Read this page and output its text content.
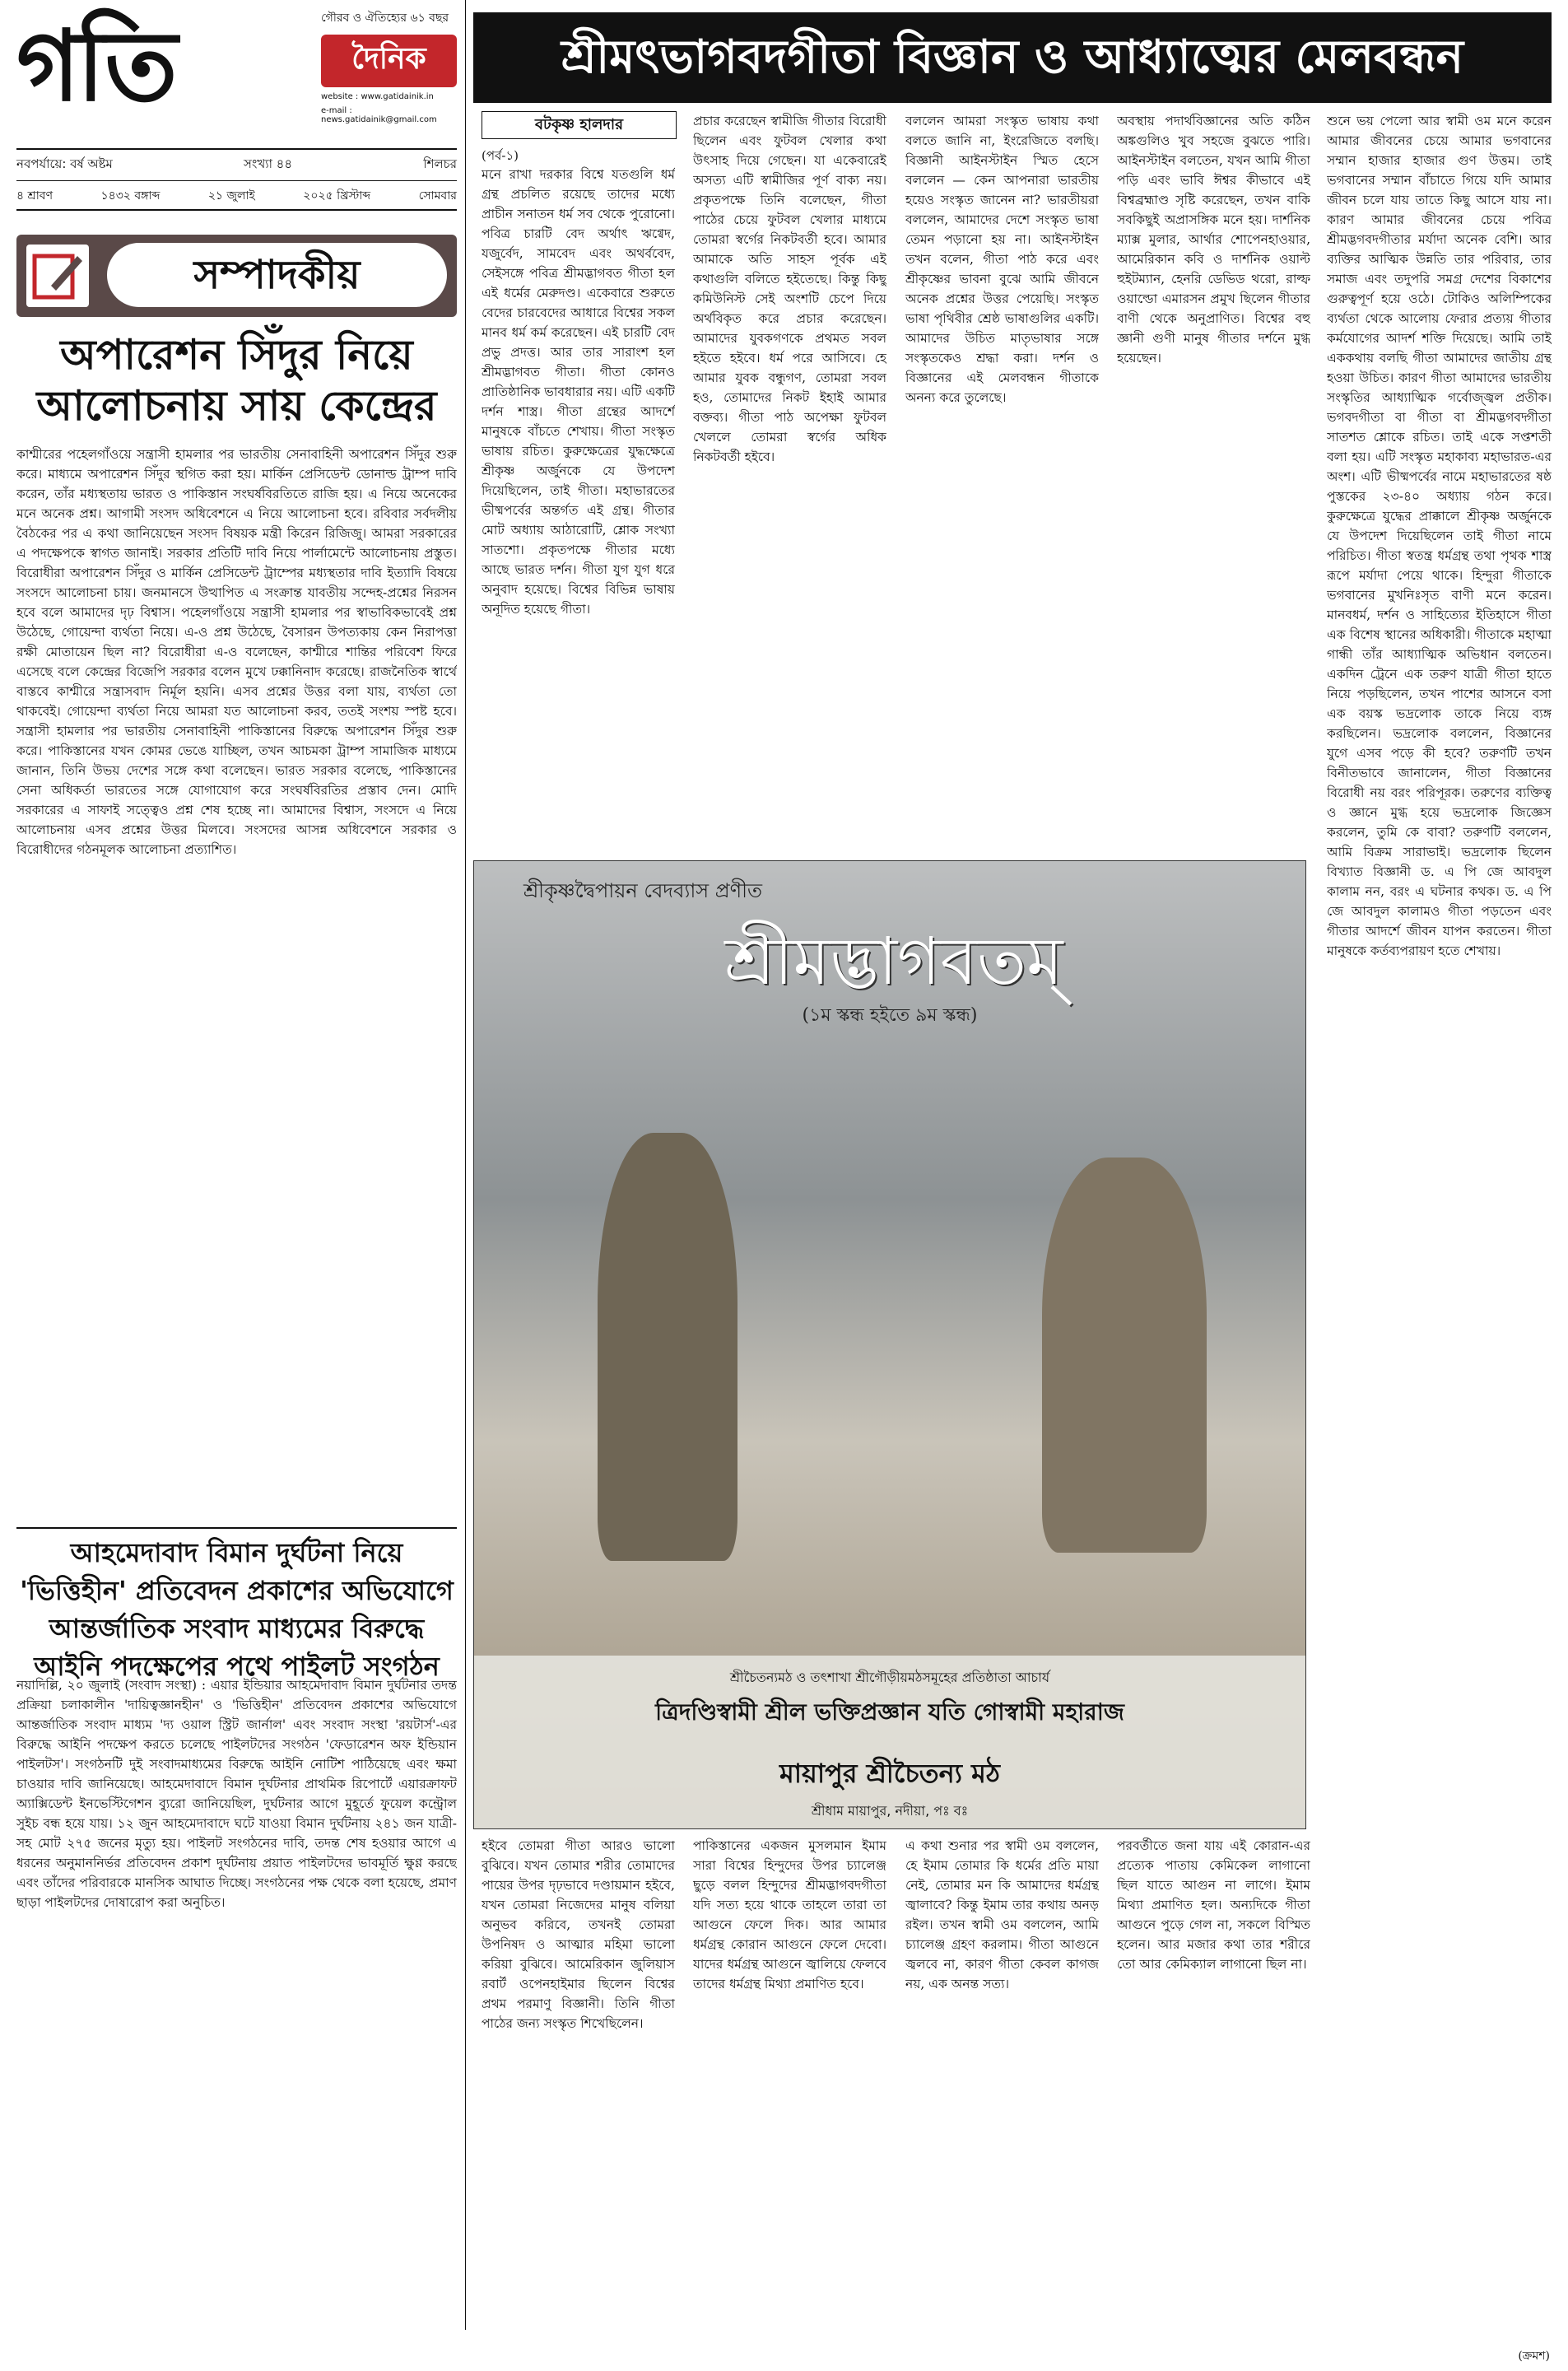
গতি	গৌরব ও ঐতিহ্যের ৬১ বছর
দৈনিক
website : www.gatidainik.in
e-mail : news.gatidainik@gmail.com
নবপর্যায়ে: বর্ষ অষ্টম	সংখ্যা ৪৪	শিলচর
৪ শ্রাবণ	১৪৩২ বঙ্গাব্দ	২১ জুলাই	২০২৫ খ্রিস্টাব্দ	সোমবার
সম্পাদকীয়
অপারেশন সিঁদুর নিয়ে আলোচনায় সায় কেন্দ্রের
কাশ্মীরের পহেলগাঁওয়ে সন্ত্রাসী হামলার পর ভারতীয় সেনাবাহিনী অপারেশন সিঁদুর শুরু করে। মাধ্যমে অপারেশন সিঁদুর স্থগিত করা হয়। মার্কিন প্রেসিডেন্ট ডোনাল্ড ট্রাম্প দাবি করেন, তাঁর মধ্যস্থতায় ভারত ও পাকিস্তান সংঘর্ষবিরতিতে রাজি হয়। এ নিয়ে অনেকের মনে অনেক প্রশ্ন। আগামী সংসদ অধিবেশনে এ নিয়ে আলোচনা হবে। রবিবার সর্বদলীয় বৈঠকের পর এ কথা জানিয়েছেন সংসদ বিষয়ক মন্ত্রী কিরেন রিজিজু। আমরা সরকারের এ পদক্ষেপকে স্বাগত জানাই। সরকার প্রতিটি দাবি নিয়ে পার্লামেন্টে আলোচনায় প্রস্তুত। বিরোধীরা অপারেশন সিঁদুর ও মার্কিন প্রেসিডেন্ট ট্রাম্পের মধ্যস্থতার দাবি ইত্যাদি বিষয়ে সংসদে আলোচনা চায়। জনমানসে উত্থাপিত এ সংক্রান্ত যাবতীয় সন্দেহ-প্রশ্নের নিরসন হবে বলে আমাদের দৃঢ় বিশ্বাস। পহেলগাঁওয়ে সন্ত্রাসী হামলার পর স্বাভাবিকভাবেই প্রশ্ন উঠেছে, গোয়েন্দা ব্যর্থতা নিয়ে। এ-ও প্রশ্ন উঠেছে, বৈসারন উপত্যকায় কেন নিরাপত্তা রক্ষী মোতায়েন ছিল না? বিরোধীরা এ-ও বলেছেন, কাশ্মীরে শান্তির পরিবেশ ফিরে এসেছে বলে কেন্দ্রের বিজেপি সরকার বলেন মুখে ঢক্কানিনাদ করেছে। রাজনৈতিক স্বার্থে বাস্তবে কাশ্মীরে সন্ত্রাসবাদ নির্মূল হয়নি। এসব প্রশ্নের উত্তর বলা যায়, ব্যর্থতা তো থাকবেই। গোয়েন্দা ব্যর্থতা নিয়ে আমরা যত আলোচনা করব, ততই সংশয় স্পষ্ট হবে। সন্ত্রাসী হামলার পর ভারতীয় সেনাবাহিনী পাকিস্তানের বিরুদ্ধে অপারেশন সিঁদুর শুরু করে। পাকিস্তানের যখন কোমর ভেঙে যাচ্ছিল, তখন আচমকা ট্রাম্প সামাজিক মাধ্যমে জানান, তিনি উভয় দেশের সঙ্গে কথা বলেছেন। ভারত সরকার বলেছে, পাকিস্তানের সেনা অধিকর্তা ভারতের সঙ্গে যোগাযোগ করে সংঘর্ষবিরতির প্রস্তাব দেন। মোদি সরকারের এ সাফাই সত্ত্বেও প্রশ্ন শেষ হচ্ছে না। আমাদের বিশ্বাস, সংসদে এ নিয়ে আলোচনায় এসব প্রশ্নের উত্তর মিলবে। সংসদের আসন্ন অধিবেশনে সরকার ও বিরোধীদের গঠনমূলক আলোচনা প্রত্যাশিত।
আহমেদাবাদ বিমান দুর্ঘটনা নিয়ে 'ভিত্তিহীন' প্রতিবেদন প্রকাশের অভিযোগে আন্তর্জাতিক সংবাদ মাধ্যমের বিরুদ্ধে আইনি পদক্ষেপের পথে পাইলট সংগঠন
নয়াদিল্লি, ২০ জুলাই (সংবাদ সংস্থা) : এয়ার ইন্ডিয়ার আহমেদাবাদ বিমান দুর্ঘটনার তদন্ত প্রক্রিয়া চলাকালীন 'দায়িত্বজ্ঞানহীন' ও 'ভিত্তিহীন' প্রতিবেদন প্রকাশের অভিযোগে আন্তর্জাতিক সংবাদ মাধ্যম 'দ্য ওয়াল স্ট্রিট জার্নাল' এবং সংবাদ সংস্থা 'রয়টার্স'-এর বিরুদ্ধে আইনি পদক্ষেপ করতে চলেছে পাইলটদের সংগঠন 'ফেডারেশন অফ ইন্ডিয়ান পাইলটস'। সংগঠনটি দুই সংবাদমাধ্যমের বিরুদ্ধে আইনি নোটিশ পাঠিয়েছে এবং ক্ষমা চাওয়ার দাবি জানিয়েছে। আহমেদাবাদে বিমান দুর্ঘটনার প্রাথমিক রিপোর্টে এয়ারক্রাফট অ্যাক্সিডেন্ট ইনভেস্টিগেশন ব্যুরো জানিয়েছিল, দুর্ঘটনার আগে মুহূর্তে ফুয়েল কন্ট্রোল সুইচ বন্ধ হয়ে যায়। ১২ জুন আহমেদাবাদে ঘটে যাওয়া বিমান দুর্ঘটনায় ২৪১ জন যাত্রী-সহ মোট ২৭৫ জনের মৃত্যু হয়। পাইলট সংগঠনের দাবি, তদন্ত শেষ হওয়ার আগে এ ধরনের অনুমাননির্ভর প্রতিবেদন প্রকাশ দুর্ঘটনায় প্রয়াত পাইলটদের ভাবমূর্তি ক্ষুণ্ণ করছে এবং তাঁদের পরিবারকে মানসিক আঘাত দিচ্ছে। সংগঠনের পক্ষ থেকে বলা হয়েছে, প্রমাণ ছাড়া পাইলটদের দোষারোপ করা অনুচিত।
শ্রীমৎভাগবদগীতা বিজ্ঞান ও আধ্যাত্মের মেলবন্ধন
বটকৃষ্ণ হালদার
(পর্ব-১)
মনে রাখা দরকার বিশ্বে যতগুলি ধর্ম গ্রন্থ প্রচলিত রয়েছে তাদের মধ্যে প্রাচীন সনাতন ধর্ম সব থেকে পুরোনো। পবিত্র চারটি বেদ অর্থাৎ ঋগ্বেদ, যজুর্বেদ, সামবেদ এবং অথর্ববেদ, সেইসঙ্গে পবিত্র শ্রীমদ্ভাগবত গীতা হল এই ধর্মের মেরুদণ্ড। একেবারে শুরুতে বেদের চারবেদের আধারে বিশ্বের সকল মানব ধর্ম কর্ম করেছেন। এই চারটি বেদ প্রভু প্রদত্ত। আর তার সারাংশ হল শ্রীমদ্ভাগবত গীতা। গীতা কোনও প্রাতিষ্ঠানিক ভাবধারার নয়। এটি একটি দর্শন শাস্ত্র। গীতা গ্রন্থের আদর্শে মানুষকে বাঁচতে শেখায়। গীতা সংস্কৃত ভাষায় রচিত। কুরুক্ষেত্রের যুদ্ধক্ষেত্রে শ্রীকৃষ্ণ অর্জুনকে যে উপদেশ দিয়েছিলেন, তাই গীতা। মহাভারতের ভীষ্মপর্বের অন্তর্গত এই গ্রন্থ। গীতার মোট অধ্যায় আঠারোটি, শ্লোক সংখ্যা সাতশো। প্রকৃতপক্ষে গীতার মধ্যে আছে ভারত দর্শন। গীতা যুগ যুগ ধরে অনুবাদ হয়েছে। বিশ্বের বিভিন্ন ভাষায় অনূদিত হয়েছে গীতা।
প্রচার করেছেন স্বামীজি গীতার বিরোধী ছিলেন এবং ফুটবল খেলার কথা উৎসাহ দিয়ে গেছেন। যা একেবারেই অসত্য এটি স্বামীজির পূর্ণ বাক্য নয়। প্রকৃতপক্ষে তিনি বলেছেন, গীতা পাঠের চেয়ে ফুটবল খেলার মাধ্যমে তোমরা স্বর্গের নিকটবর্তী হবে। আমার আমাকে অতি সাহস পূর্বক এই কথাগুলি বলিতে হইতেছে। কিন্তু কিছু কমিউনিস্ট সেই অংশটি চেপে দিয়ে অর্থবিকৃত করে প্রচার করেছেন। আমাদের যুবকগণকে প্রথমত সবল হইতে হইবে। ধর্ম পরে আসিবে। হে আমার যুবক বন্ধুগণ, তোমরা সবল হও, তোমাদের নিকট ইহাই আমার বক্তব্য। গীতা পাঠ অপেক্ষা ফুটবল খেললে তোমরা স্বর্গের অধিক নিকটবর্তী হইবে।
বললেন আমরা সংস্কৃত ভাষায় কথা বলতে জানি না, ইংরেজিতে বলছি। বিজ্ঞানী আইনস্টাইন স্মিত হেসে বললেন — কেন আপনারা ভারতীয় হয়েও সংস্কৃত জানেন না? ভারতীয়রা বললেন, আমাদের দেশে সংস্কৃত ভাষা তেমন পড়ানো হয় না। আইনস্টাইন তখন বলেন, গীতা পাঠ করে এবং শ্রীকৃষ্ণের ভাবনা বুঝে আমি জীবনে অনেক প্রশ্নের উত্তর পেয়েছি। সংস্কৃত ভাষা পৃথিবীর শ্রেষ্ঠ ভাষাগুলির একটি। আমাদের উচিত মাতৃভাষার সঙ্গে সংস্কৃতকেও শ্রদ্ধা করা। দর্শন ও বিজ্ঞানের এই মেলবন্ধন গীতাকে অনন্য করে তুলেছে।
অবস্থায় পদার্থবিজ্ঞানের অতি কঠিন অঙ্কগুলিও খুব সহজে বুঝতে পারি। আইনস্টাইন বলতেন, যখন আমি গীতা পড়ি এবং ভাবি ঈশ্বর কীভাবে এই বিশ্বব্রহ্মাণ্ড সৃষ্টি করেছেন, তখন বাকি সবকিছুই অপ্রাসঙ্গিক মনে হয়। দার্শনিক ম্যাক্স মুলার, আর্থার শোপেনহাওয়ার, আমেরিকান কবি ও দার্শনিক ওয়াল্ট হুইটম্যান, হেনরি ডেভিড থরো, রাল্ফ ওয়াল্ডো এমারসন প্রমুখ ছিলেন গীতার বাণী থেকে অনুপ্রাণিত। বিশ্বের বহু জ্ঞানী গুণী মানুষ গীতার দর্শনে মুগ্ধ হয়েছেন।
শুনে ভয় পেলো আর স্বামী ওম মনে করেন আমার জীবনের চেয়ে আমার ভগবানের সম্মান হাজার হাজার গুণ উত্তম। তাই ভগবানের সম্মান বাঁচাতে গিয়ে যদি আমার জীবন চলে যায় তাতে কিছু আসে যায় না। কারণ আমার জীবনের চেয়ে পবিত্র শ্রীমদ্ভগবদগীতার মর্যাদা অনেক বেশি। আর ব্যক্তির আত্মিক উন্নতি তার পরিবার, তার সমাজ এবং তদুপরি সমগ্র দেশের বিকাশের গুরুত্বপূর্ণ হয়ে ওঠে। টোকিও অলিম্পিকের ব্যর্থতা থেকে আলোয় ফেরার প্রত্যয় গীতার কর্মযোগের আদর্শ শক্তি দিয়েছে। আমি তাই এককথায় বলছি গীতা আমাদের জাতীয় গ্রন্থ হওয়া উচিত। কারণ গীতা আমাদের ভারতীয় সংস্কৃতির আধ্যাত্মিক গর্বোজ্জ্বল প্রতীক। ভগবদগীতা বা গীতা বা শ্রীমদ্ভগবদ্গীতা সাতশত শ্লোকে রচিত। তাই একে সপ্তশতী বলা হয়। এটি সংস্কৃত মহাকাব্য মহাভারত-এর অংশ। এটি ভীষ্মপর্বের নামে মহাভারতের ষষ্ঠ পুস্তকের ২৩-৪০ অধ্যায় গঠন করে। কুরুক্ষেত্রে যুদ্ধের প্রাক্কালে শ্রীকৃষ্ণ অর্জুনকে যে উপদেশ দিয়েছিলেন তাই গীতা নামে পরিচিত। গীতা স্বতন্ত্র ধর্মগ্রন্থ তথা পৃথক শাস্ত্র রূপে মর্যাদা পেয়ে থাকে। হিন্দুরা গীতাকে ভগবানের মুখনিঃসৃত বাণী মনে করেন। মানবধর্ম, দর্শন ও সাহিত্যের ইতিহাসে গীতা এক বিশেষ স্থানের অধিকারী। গীতাকে মহাত্মা গান্ধী তাঁর আধ্যাত্মিক অভিধান বলতেন। একদিন ট্রেনে এক তরুণ যাত্রী গীতা হাতে নিয়ে পড়ছিলেন, তখন পাশের আসনে বসা এক বয়স্ক ভদ্রলোক তাকে নিয়ে ব্যঙ্গ করছিলেন। ভদ্রলোক বললেন, বিজ্ঞানের যুগে এসব পড়ে কী হবে? তরুণটি তখন বিনীতভাবে জানালেন, গীতা বিজ্ঞানের বিরোধী নয় বরং পরিপূরক। তরুণের ব্যক্তিত্ব ও জ্ঞানে মুগ্ধ হয়ে ভদ্রলোক জিজ্ঞেস করলেন, তুমি কে বাবা? তরুণটি বললেন, আমি বিক্রম সারাভাই। ভদ্রলোক ছিলেন বিখ্যাত বিজ্ঞানী ড. এ পি জে আবদুল কালাম নন, বরং এ ঘটনার কথক। ড. এ পি জে আবদুল কালামও গীতা পড়তেন এবং গীতার আদর্শে জীবন যাপন করতেন। গীতা মানুষকে কর্তব্যপরায়ণ হতে শেখায়।
শ্রীকৃষ্ণদ্বৈপায়ন বেদব্যাস প্রণীত
শ্রীমদ্ভাগবতম্
(১ম স্কন্ধ হইতে ৯ম স্কন্ধ)
শ্রীচৈতন্যমঠ ও তৎশাখা শ্রীগৌড়ীয়মঠসমূহের প্রতিষ্ঠাতা আচার্য
ত্রিদণ্ডিস্বামী শ্রীল ভক্তিপ্রজ্ঞান যতি গোস্বামী মহারাজ
মায়াপুর শ্রীচৈতন্য মঠ
শ্রীধাম মায়াপুর, নদীয়া, পঃ বঃ
হইবে তোমরা গীতা আরও ভালো বুঝিবে। যখন তোমার শরীর তোমাদের পায়ের উপর দৃঢ়ভাবে দণ্ডায়মান হইবে, যখন তোমরা নিজেদের মানুষ বলিয়া অনুভব করিবে, তখনই তোমরা উপনিষদ ও আত্মার মহিমা ভালো করিয়া বুঝিবে। আমেরিকান জুলিয়াস রবার্ট ওপেনহাইমার ছিলেন বিশ্বের প্রথম পরমাণু বিজ্ঞানী। তিনি গীতা পাঠের জন্য সংস্কৃত শিখেছিলেন।
পাকিস্তানের একজন মুসলমান ইমাম সারা বিশ্বের হিন্দুদের উপর চ্যালেঞ্জ ছুড়ে বলল হিন্দুদের শ্রীমদ্ভাগবদগীতা যদি সত্য হয়ে থাকে তাহলে তারা তা আগুনে ফেলে দিক। আর আমার ধর্মগ্রন্থ কোরান আগুনে ফেলে দেবো। যাদের ধর্মগ্রন্থ আগুনে জ্বালিয়ে ফেলবে তাদের ধর্মগ্রন্থ মিথ্যা প্রমাণিত হবে।
এ কথা শুনার পর স্বামী ওম বললেন, হে ইমাম তোমার কি ধর্মের প্রতি মায়া নেই, তোমার মন কি আমাদের ধর্মগ্রন্থ জ্বালাবে? কিন্তু ইমাম তার কথায় অনড় রইল। তখন স্বামী ওম বললেন, আমি চ্যালেঞ্জ গ্রহণ করলাম। গীতা আগুনে জ্বলবে না, কারণ গীতা কেবল কাগজ নয়, এক অনন্ত সত্য।
পরবর্তীতে জনা যায় এই কোরান-এর প্রত্যেক পাতায় কেমিকেল লাগানো ছিল যাতে আগুন না লাগে। ইমাম মিথ্যা প্রমাণিত হল। অন্যদিকে গীতা আগুনে পুড়ে গেল না, সকলে বিস্মিত হলেন। আর মজার কথা তার শরীরে তো আর কেমিক্যাল লাগানো ছিল না।
(ক্রমশ)
